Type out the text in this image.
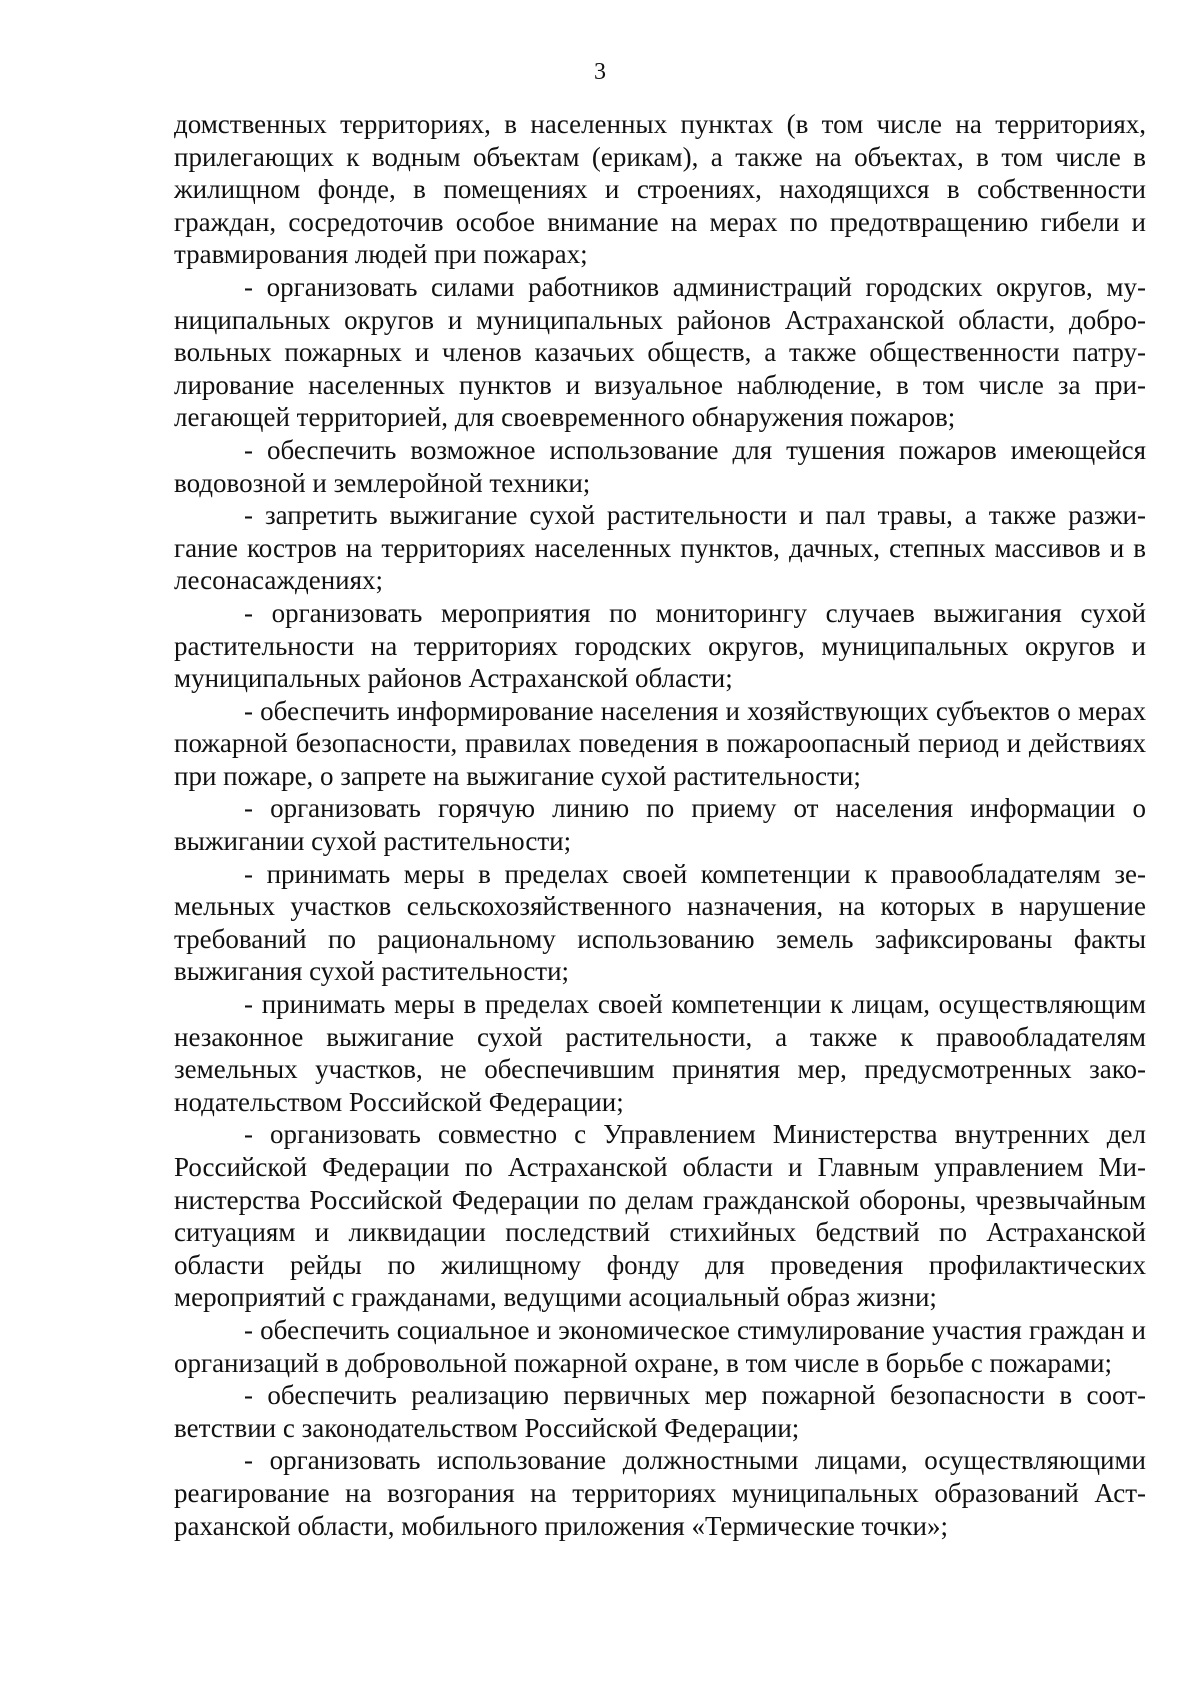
3

домственных территориях, в населенных пунктах (в том числе на территориях, прилегающих к водным объектам (ерикам), а также на объектах, в том числе в жилищном фонде, в помещениях и строениях, находящихся в собственности граждан, сосредоточив особое внимание на мерах по предотвращению гибели и травмирования людей при пожарах;

- организовать силами работников администраций городских округов, муниципальных округов и муниципальных районов Астраханской области, добровольных пожарных и членов казачьих обществ, а также общественности патрулирование населенных пунктов и визуальное наблюдение, в том числе за прилегающей территорией, для своевременного обнаружения пожаров;

- обеспечить возможное использование для тушения пожаров имеющейся водовозной и землеройной техники;

- запретить выжигание сухой растительности и пал травы, а также разжигание костров на территориях населенных пунктов, дачных, степных массивов и в лесонасаждениях;

- организовать мероприятия по мониторингу случаев выжигания сухой растительности на территориях городских округов, муниципальных округов и муниципальных районов Астраханской области;

- обеспечить информирование населения и хозяйствующих субъектов о мерах пожарной безопасности, правилах поведения в пожароопасный период и действиях при пожаре, о запрете на выжигание сухой растительности;

- организовать горячую линию по приему от населения информации о выжигании сухой растительности;

- принимать меры в пределах своей компетенции к правообладателям земельных участков сельскохозяйственного назначения, на которых в нарушение требований по рациональному использованию земель зафиксированы факты выжигания сухой растительности;

- принимать меры в пределах своей компетенции к лицам, осуществляющим незаконное выжигание сухой растительности, а также к правообладателям земельных участков, не обеспечившим принятия мер, предусмотренных законодательством Российской Федерации;

- организовать совместно с Управлением Министерства внутренних дел Российской Федерации по Астраханской области и Главным управлением Министерства Российской Федерации по делам гражданской обороны, чрезвычайным ситуациям и ликвидации последствий стихийных бедствий по Астраханской области рейды по жилищному фонду для проведения профилактических мероприятий с гражданами, ведущими асоциальный образ жизни;

- обеспечить социальное и экономическое стимулирование участия граждан и организаций в добровольной пожарной охране, в том числе в борьбе с пожарами;

- обеспечить реализацию первичных мер пожарной безопасности в соответствии с законодательством Российской Федерации;

- организовать использование должностными лицами, осуществляющими реагирование на возгорания на территориях муниципальных образований Астраханской области, мобильного приложения «Термические точки»;
